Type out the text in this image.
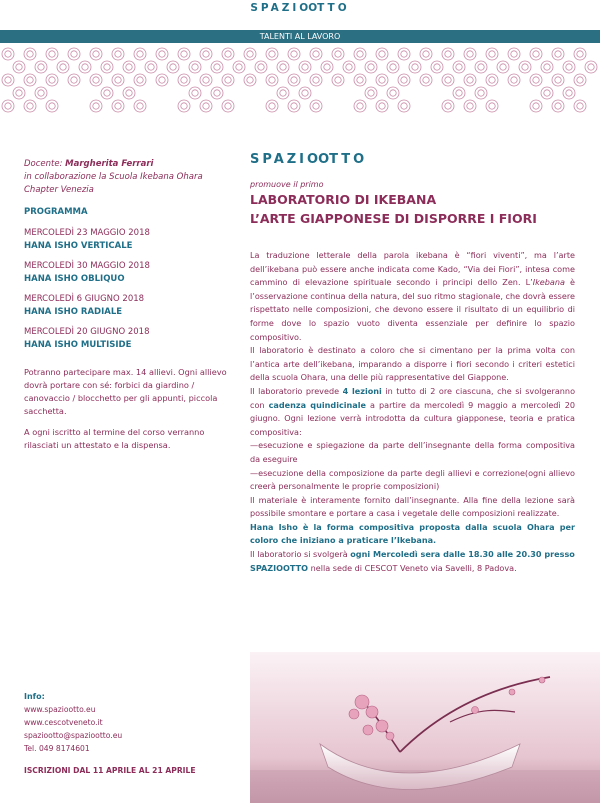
SPAZIOOTTO
TALENTI AL LAVORO
Docente: Margherita Ferrari
in collaborazione la Scuola Ikebana Ohara Chapter Venezia
PROGRAMMA
MERCOLEDÌ 23 MAGGIO 2018
HANA ISHO VERTICALE
MERCOLEDÌ 30 MAGGIO 2018
HANA ISHO OBLIQUO
MERCOLEDÌ 6 GIUGNO 2018
HANA ISHO RADIALE
MERCOLEDÌ 20 GIUGNO 2018
HANA ISHO MULTISIDE

Potranno partecipare max. 14 allievi. Ogni allievo dovrà portare con sé: forbici da giardino / canovaccio / blocchetto per gli appunti, piccola sacchetta.

A ogni iscritto al termine del corso verranno rilasciati un attestato e la dispensa.

Info:
www.spaziootto.eu
www.cescotveneto.it
spaziootto@spaziootto.eu
Tel. 049 8174601
ISCRIZIONI DAL 11 APRILE AL 21 APRILE
SPAZIOOTTO
promuove il primo
LABORATORIO DI IKEBANA
L’ARTE GIAPPONESE DI DISPORRE I FIORI

La traduzione letterale della parola ikebana è “fiori viventi”, ma l’arte dell’ikebana può essere anche indicata come Kado, “Via dei Fiori”, intesa come cammino di elevazione spirituale secondo i principi dello Zen. L’Ikebana è l’osservazione continua della natura, del suo ritmo stagionale, che dovrà essere rispettato nelle composizioni, che devono essere il risultato di un equilibrio di forme dove lo spazio vuoto diventa essenziale per definire lo spazio compositivo.

Il laboratorio è destinato a coloro che si cimentano per la prima volta con l’antica arte dell’ikebana, imparando a disporre i fiori secondo i criteri estetici della scuola Ohara, una delle più rappresentative del Giappone.

Il laboratorio prevede 4 lezioni in tutto di 2 ore ciascuna, che si svolgeranno con cadenza quindicinale a partire da mercoledì 9 maggio a mercoledì 20 giugno. Ogni lezione verrà introdotta da cultura giapponese, teoria e pratica compositiva:

—esecuzione e spiegazione da parte dell’insegnante della forma compositiva da eseguire

—esecuzione della composizione da parte degli allievi e correzione(ogni allievo creerà personalmente le proprie composizioni)

Il materiale è interamente fornito dall’insegnante. Alla fine della lezione sarà possibile smontare e portare a casa i vegetale delle composizioni realizzate.

Hana Isho è la forma compositiva proposta dalla scuola Ohara per coloro che iniziano a praticare l’Ikebana.

Il laboratorio si svolgerà ogni Mercoledì sera dalle 18.30 alle 20.30 presso
SPAZIOOTTO nella sede di CESCOT Veneto via Savelli, 8 Padova.
